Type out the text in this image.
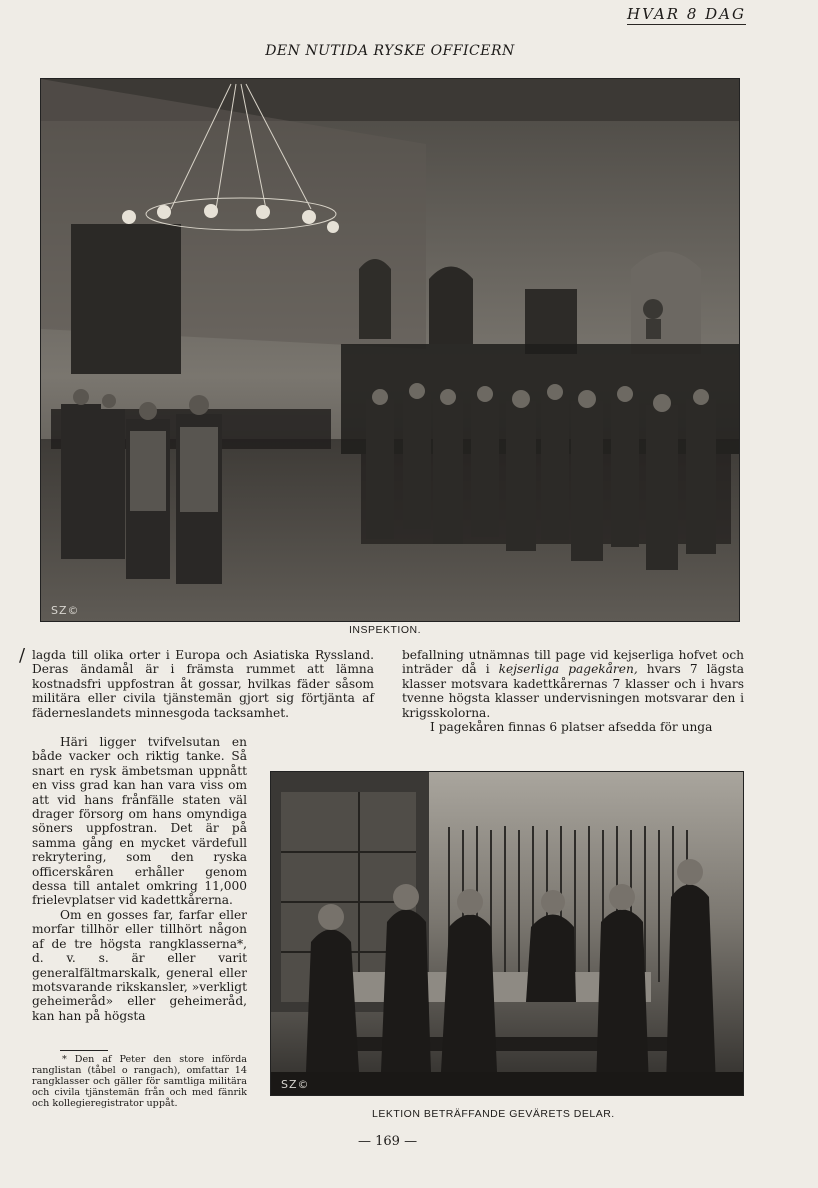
HVAR 8 DAG
DEN NUTIDA RYSKE OFFICERN
SZ©
INSPEKTION.
/ lagda till olika orter i Europa och Asiatiska Ryssland. Deras ändamål är i främsta rummet att lämna kostnadsfri uppfostran åt gossar, hvilkas fäder såsom militära eller civila tjänstemän gjort sig förtjänta af fäderneslandets minnesgoda tacksamhet.

Häri ligger tvifvelsutan en både vacker och riktig tanke. Så snart en rysk ämbetsman uppnått en viss grad kan han vara viss om att vid hans frånfälle staten väl drager försorg om hans omyndiga söners uppfostran. Det är på samma gång en mycket värdefull rekrytering, som den ryska officerskåren erhåller genom dessa till antalet omkring 11,000 frielevplatser vid kadettkårerna.

Om en gosses far, farfar eller morfar tillhör eller tillhört någon af de tre högsta rangklasserna*, d. v. s. är eller varit generalfältmarskalk, general eller motsvarande rikskansler, »verkligt geheimeråd» eller geheimeråd, kan han på högsta

befallning utnämnas till page vid kejserliga hofvet och inträder då i kejserliga pagekåren, hvars 7 lägsta klasser motsvara kadettkårernas 7 klasser och i hvars tvenne högsta klasser undervisningen motsvarar den i krigsskolorna.

I pagekåren finnas 6 platser afsedda för unga

SZ©
LEKTION BETRÄFFANDE GEVÄRETS DELAR.

* Den af Peter den store införda ranglistan (tåbel o rangach), omfattar 14 rangklasser och gäller för samtliga militära och civila tjänstemän från och med fänrik och kollegieregistrator uppåt.

— 169 —
